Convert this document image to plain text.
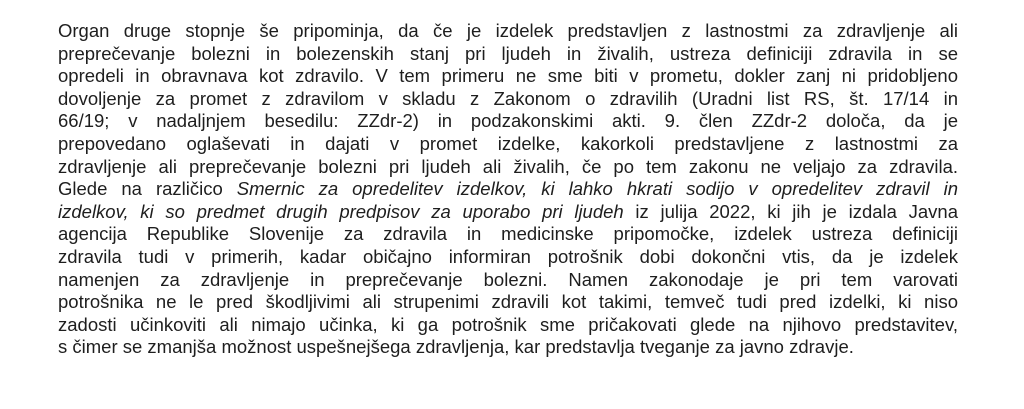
Organ druge stopnje še pripominja, da če je izdelek predstavljen z lastnostmi za zdravljenje ali
preprečevanje bolezni in bolezenskih stanj pri ljudeh in živalih, ustreza definiciji zdravila in se
opredeli in obravnava kot zdravilo. V tem primeru ne sme biti v prometu, dokler zanj ni pridobljeno
dovoljenje za promet z zdravilom v skladu z Zakonom o zdravilih (Uradni list RS, št. 17/14 in
66/19; v nadaljnjem besedilu: ZZdr-2) in podzakonskimi akti. 9. člen ZZdr-2 določa, da je
prepovedano oglaševati in dajati v promet izdelke, kakorkoli predstavljene z lastnostmi za
zdravljenje ali preprečevanje bolezni pri ljudeh ali živalih, če po tem zakonu ne veljajo za zdravila.
Glede na različico Smernic za opredelitev izdelkov, ki lahko hkrati sodijo v opredelitev zdravil in
izdelkov, ki so predmet drugih predpisov za uporabo pri ljudeh iz julija 2022, ki jih je izdala Javna
agencija Republike Slovenije za zdravila in medicinske pripomočke, izdelek ustreza definiciji
zdravila tudi v primerih, kadar običajno informiran potrošnik dobi dokončni vtis, da je izdelek
namenjen za zdravljenje in preprečevanje bolezni. Namen zakonodaje je pri tem varovati
potrošnika ne le pred škodljivimi ali strupenimi zdravili kot takimi, temveč tudi pred izdelki, ki niso
zadosti učinkoviti ali nimajo učinka, ki ga potrošnik sme pričakovati glede na njihovo predstavitev,
s čimer se zmanjša možnost uspešnejšega zdravljenja, kar predstavlja tveganje za javno zdravje.
